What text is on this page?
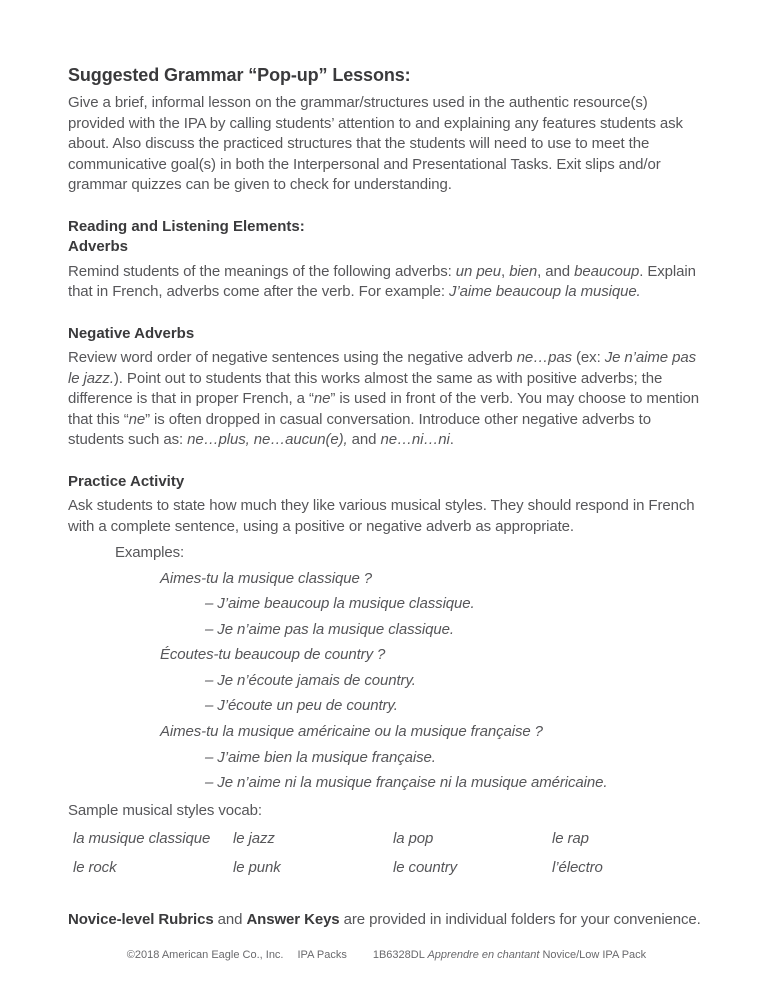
Suggested Grammar “Pop-up” Lessons:

Give a brief, informal lesson on the grammar/structures used in the authentic resource(s) provided with the IPA by calling students’ attention to and explaining any features students ask about. Also discuss the practiced structures that the students will need to use to meet the communicative goal(s) in both the Interpersonal and Presentational Tasks. Exit slips and/or grammar quizzes can be given to check for understanding.

Reading and Listening Elements:
Adverbs

Remind students of the meanings of the following adverbs: un peu, bien, and beaucoup. Explain that in French, adverbs come after the verb. For example: J’aime beaucoup la musique.

Negative Adverbs

Review word order of negative sentences using the negative adverb ne…pas (ex: Je n’aime pas le jazz.). Point out to students that this works almost the same as with positive adverbs; the difference is that in proper French, a “ne” is used in front of the verb. You may choose to mention that this “ne” is often dropped in casual conversation. Introduce other negative adverbs to students such as: ne…plus, ne…aucun(e), and ne…ni…ni.

Practice Activity

Ask students to state how much they like various musical styles. They should respond in French with a complete sentence, using a positive or negative adverb as appropriate.

Examples:

Aimes-tu la musique classique ?
– J’aime beaucoup la musique classique.
– Je n’aime pas la musique classique.
Écoutes-tu beaucoup de country ?
– Je n’écoute jamais de country.
– J’écoute un peu de country.
Aimes-tu la musique américaine ou la musique française ?
– J’aime bien la musique française.
– Je n’aime ni la musique française ni la musique américaine.

Sample musical styles vocab:

la musique classique	le jazz	la pop	le rap
le rock	le punk	le country	l’électro

Novice-level Rubrics and Answer Keys are provided in individual folders for your convenience.

©2018 American Eagle Co., Inc. IPA Packs 1B6328DL Apprendre en chantant Novice/Low IPA Pack
